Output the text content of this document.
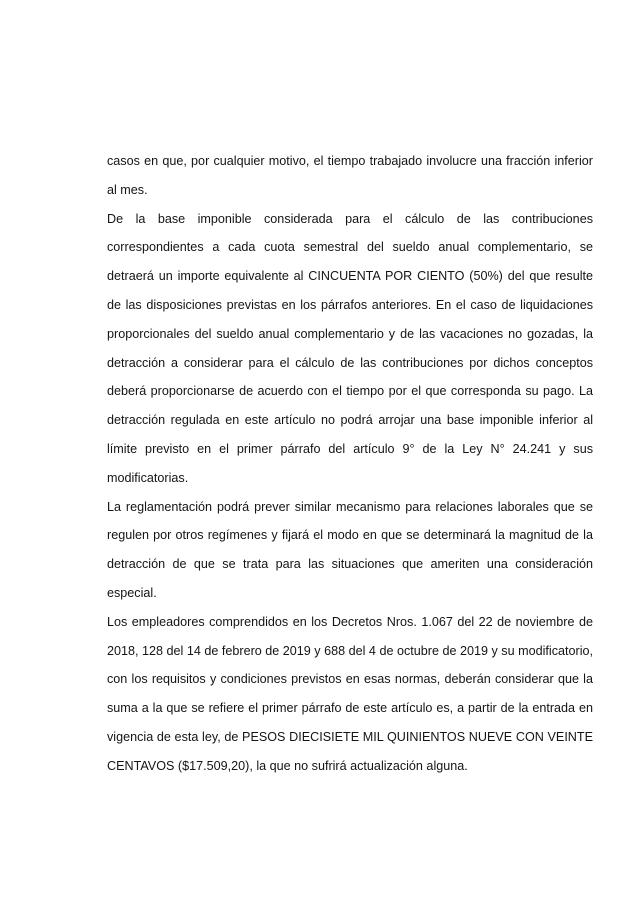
casos en que, por cualquier motivo, el tiempo trabajado involucre una fracción inferior al mes.

De la base imponible considerada para el cálculo de las contribuciones correspondientes a cada cuota semestral del sueldo anual complementario, se detraerá un importe equivalente al CINCUENTA POR CIENTO (50%) del que resulte de las disposiciones previstas en los párrafos anteriores. En el caso de liquidaciones proporcionales del sueldo anual complementario y de las vacaciones no gozadas, la detracción a considerar para el cálculo de las contribuciones por dichos conceptos deberá proporcionarse de acuerdo con el tiempo por el que corresponda su pago. La detracción regulada en este artículo no podrá arrojar una base imponible inferior al límite previsto en el primer párrafo del artículo 9° de la Ley N° 24.241 y sus modificatorias.

La reglamentación podrá prever similar mecanismo para relaciones laborales que se regulen por otros regímenes y fijará el modo en que se determinará la magnitud de la detracción de que se trata para las situaciones que ameriten una consideración especial.

Los empleadores comprendidos en los Decretos Nros. 1.067 del 22 de noviembre de 2018, 128 del 14 de febrero de 2019 y 688 del 4 de octubre de 2019 y su modificatorio, con los requisitos y condiciones previstos en esas normas, deberán considerar que la suma a la que se refiere el primer párrafo de este artículo es, a partir de la entrada en vigencia de esta ley, de PESOS DIECISIETE MIL QUINIENTOS NUEVE CON VEINTE CENTAVOS ($17.509,20), la que no sufrirá actualización alguna.
